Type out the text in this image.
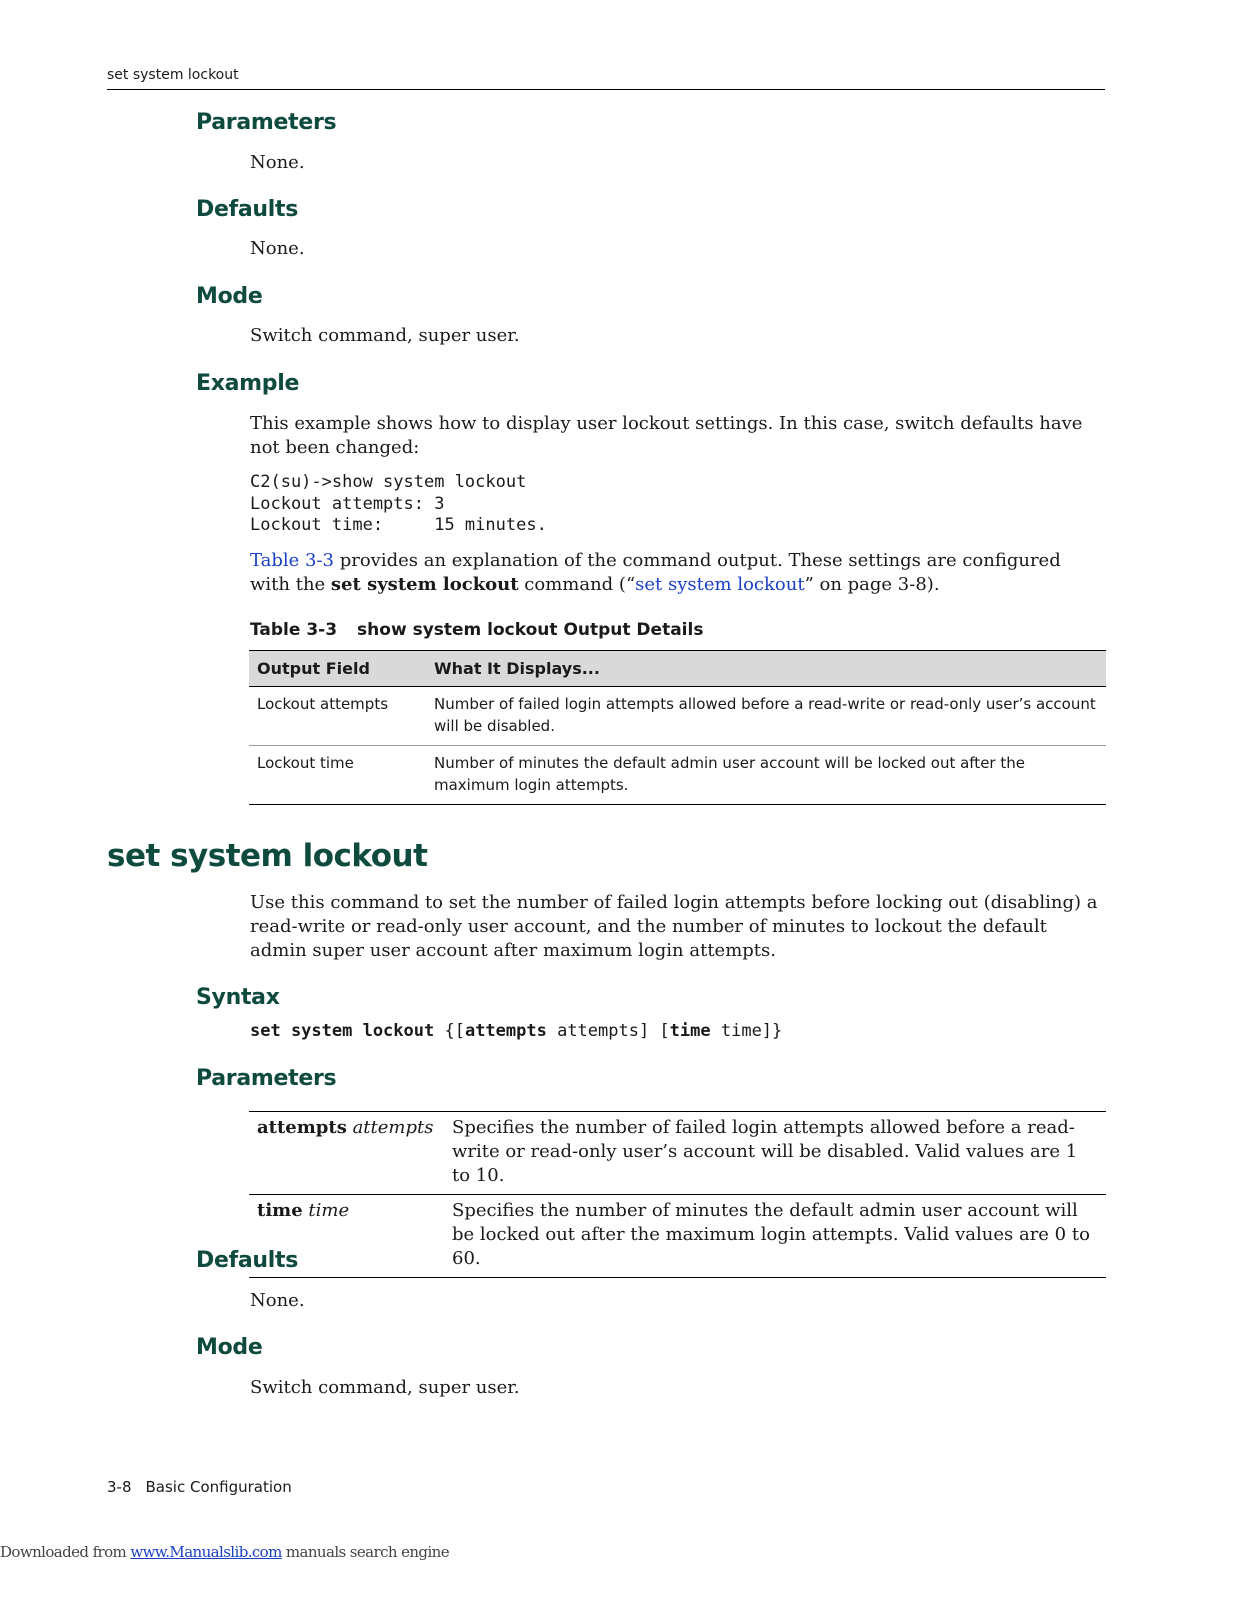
set system lockout
Parameters
None.
Defaults
None.
Mode
Switch command, super user.
Example
This example shows how to display user lockout settings. In this case, switch defaults have not been changed:
C2(su)->show system lockout
Lockout attempts: 3
Lockout time:     15 minutes.
Table 3-3 provides an explanation of the command output. These settings are configured with the set system lockout command (“set system lockout” on page 3-8).
Table 3-3 show system lockout Output Details
Output Field	What It Displays...
Lockout attempts	Number of failed login attempts allowed before a read-write or read-only user’s account will be disabled.
Lockout time	Number of minutes the default admin user account will be locked out after the maximum login attempts.
set system lockout
Use this command to set the number of failed login attempts before locking out (disabling) a read-write or read-only user account, and the number of minutes to lockout the default admin super user account after maximum login attempts.
Syntax
set system lockout {[attempts attempts] [time time]}
Parameters
attempts attempts	Specifies the number of failed login attempts allowed before a read-write or read-only user’s account will be disabled. Valid values are 1 to 10.
time time	Specifies the number of minutes the default admin user account will be locked out after the maximum login attempts. Valid values are 0 to 60.
Defaults
None.
Mode
Switch command, super user.
3-8 Basic Configuration
Downloaded from www.Manualslib.com manuals search engine
